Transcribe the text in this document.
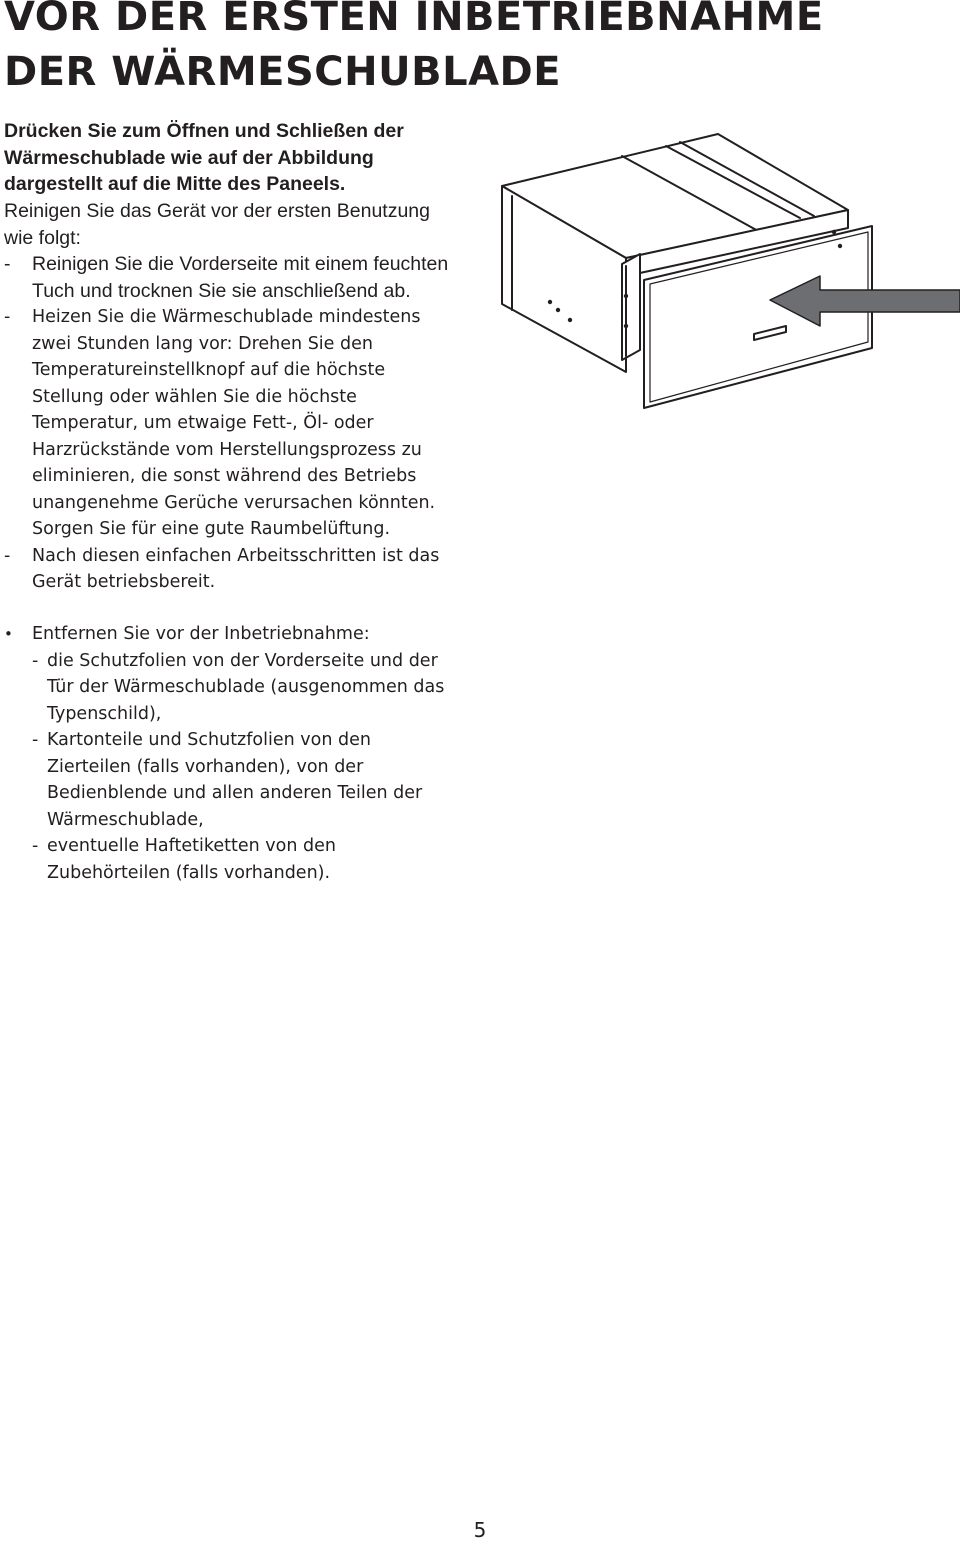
VOR DER ERSTEN INBETRIEBNAHME
DER WÄRMESCHUBLADE

Drücken Sie zum Öffnen und Schließen der
Wärmeschublade wie auf der Abbildung
dargestellt auf die Mitte des Paneels.

Reinigen Sie das Gerät vor der ersten Benutzung
wie folgt:

- Reinigen Sie die Vorderseite mit einem feuchten
Tuch und trocknen Sie sie anschließend ab.
- Heizen Sie die Wärmeschublade mindestens
zwei Stunden lang vor: Drehen Sie den
Temperatureinstellknopf auf die höchste
Stellung oder wählen Sie die höchste
Temperatur, um etwaige Fett-, Öl- oder
Harzrückstände vom Herstellungsprozess zu
eliminieren, die sonst während des Betriebs
unangenehme Gerüche verursachen könnten.
Sorgen Sie für eine gute Raumbelüftung.
- Nach diesen einfachen Arbeitsschritten ist das
Gerät betriebsbereit.
• Entfernen Sie vor der Inbetriebnahme:
- die Schutzfolien von der Vorderseite und der
Tür der Wärmeschublade (ausgenommen das
Typenschild),
- Kartonteile und Schutzfolien von den
Zierteilen (falls vorhanden), von der
Bedienblende und allen anderen Teilen der
Wärmeschublade,
- eventuelle Haftetiketten von den
Zubehörteilen (falls vorhanden).
5
